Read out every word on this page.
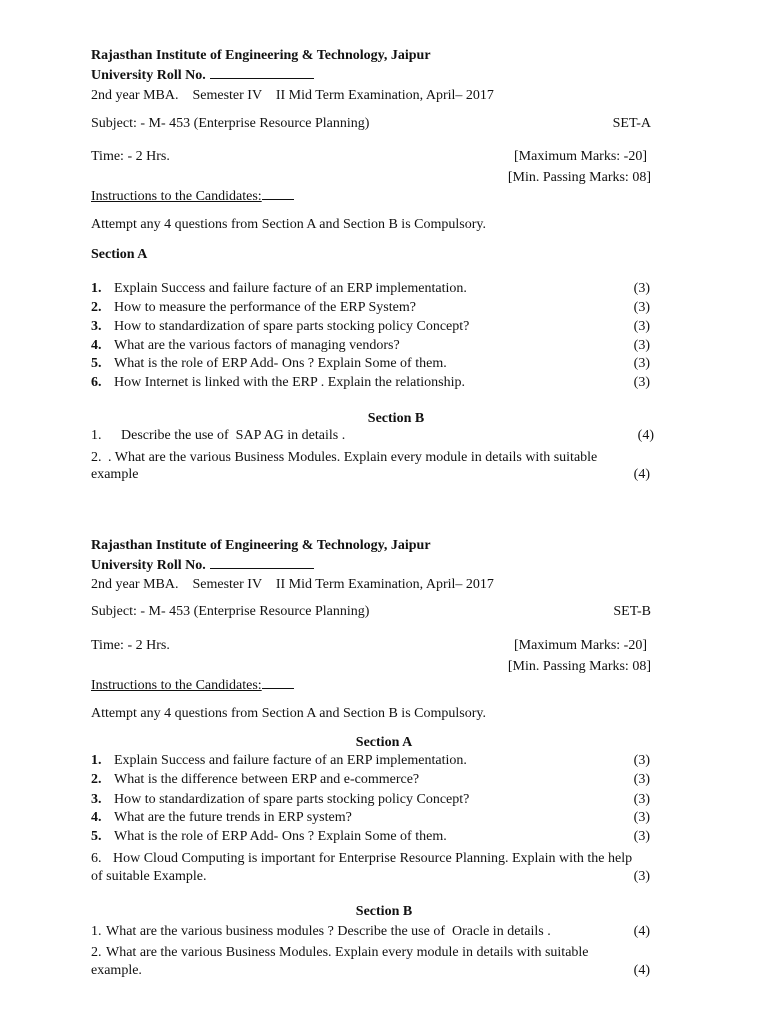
Rajasthan Institute of Engineering & Technology, Jaipur
University Roll No.
2nd year MBA.    Semester IV    II Mid Term Examination, April– 2017
Subject: - M- 453 (Enterprise Resource Planning)	SET-A
Time: - 2 Hrs.	[Maximum Marks: -20]
[Min. Passing Marks: 08]
Instructions to the Candidates:
Attempt any 4 questions from Section A and Section B is Compulsory.
Section A
1. Explain Success and failure facture of an ERP implementation.	(3)
2. How to measure the performance of the ERP System?	(3)
3. How to standardization of spare parts stocking policy Concept?	(3)
4. What are the various factors of managing vendors?	(3)
5. What is the role of ERP Add- Ons ? Explain Some of them.	(3)
6. How Internet is linked with the ERP . Explain the relationship.	(3)
Section B
1. Describe the use of  SAP AG in details .	(4)
2. . What are the various Business Modules. Explain every module in details with suitable
example	(4)
Rajasthan Institute of Engineering & Technology, Jaipur
University Roll No.
2nd year MBA.    Semester IV    II Mid Term Examination, April– 2017
Subject: - M- 453 (Enterprise Resource Planning)	SET-B
Time: - 2 Hrs.	[Maximum Marks: -20]
[Min. Passing Marks: 08]
Instructions to the Candidates:
Attempt any 4 questions from Section A and Section B is Compulsory.
Section A
1. Explain Success and failure facture of an ERP implementation.	(3)
2. What is the difference between ERP and e-commerce?	(3)
3. How to standardization of spare parts stocking policy Concept?	(3)
4. What are the future trends in ERP system?	(3)
5. What is the role of ERP Add- Ons ? Explain Some of them.	(3)
6. How Cloud Computing is important for Enterprise Resource Planning. Explain with the help
of suitable Example.	(3)
Section B
1. What are the various business modules ? Describe the use of  Oracle in details .	(4)
2. What are the various Business Modules. Explain every module in details with suitable
example.	(4)
